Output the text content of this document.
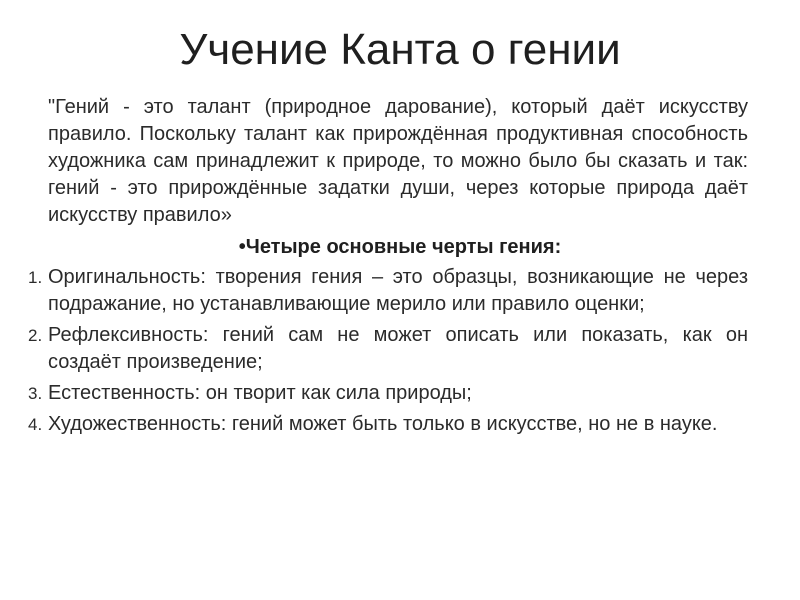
Учение Канта о гении

"Гений - это талант (природное дарование), который даёт искусству правило. Поскольку талант как прирождённая продуктивная способность художника сам принадлежит к природе, то можно было бы сказать и так: гений - это прирождённые задатки души, через которые природа даёт искусству правило»

•Четыре основные черты гения:

1. Оригинальность: творения гения – это образцы, возникающие не через подражание, но устанавливающие мерило или правило оценки;
2. Рефлексивность: гений сам не может описать или показать, как он создаёт произведение;
3. Естественность: он творит как сила природы;
4. Художественность: гений может быть только в искусстве, но не в науке.
